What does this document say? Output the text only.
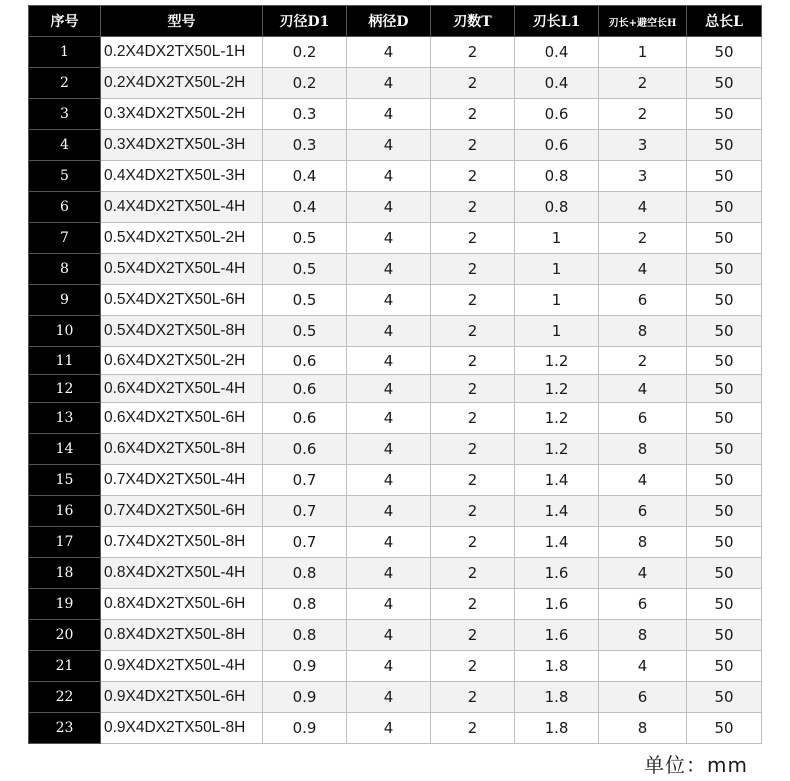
序号	型号	刃径D1	柄径D	刃数T	刃长L1	刃长+避空长H	总长L
1	0.2X4DX2TX50L-1H	0.2	4	2	0.4	1	50
2	0.2X4DX2TX50L-2H	0.2	4	2	0.4	2	50
3	0.3X4DX2TX50L-2H	0.3	4	2	0.6	2	50
4	0.3X4DX2TX50L-3H	0.3	4	2	0.6	3	50
5	0.4X4DX2TX50L-3H	0.4	4	2	0.8	3	50
6	0.4X4DX2TX50L-4H	0.4	4	2	0.8	4	50
7	0.5X4DX2TX50L-2H	0.5	4	2	1	2	50
8	0.5X4DX2TX50L-4H	0.5	4	2	1	4	50
9	0.5X4DX2TX50L-6H	0.5	4	2	1	6	50
10	0.5X4DX2TX50L-8H	0.5	4	2	1	8	50
11	0.6X4DX2TX50L-2H	0.6	4	2	1.2	2	50
12	0.6X4DX2TX50L-4H	0.6	4	2	1.2	4	50
13	0.6X4DX2TX50L-6H	0.6	4	2	1.2	6	50
14	0.6X4DX2TX50L-8H	0.6	4	2	1.2	8	50
15	0.7X4DX2TX50L-4H	0.7	4	2	1.4	4	50
16	0.7X4DX2TX50L-6H	0.7	4	2	1.4	6	50
17	0.7X4DX2TX50L-8H	0.7	4	2	1.4	8	50
18	0.8X4DX2TX50L-4H	0.8	4	2	1.6	4	50
19	0.8X4DX2TX50L-6H	0.8	4	2	1.6	6	50
20	0.8X4DX2TX50L-8H	0.8	4	2	1.6	8	50
21	0.9X4DX2TX50L-4H	0.9	4	2	1.8	4	50
22	0.9X4DX2TX50L-6H	0.9	4	2	1.8	6	50
23	0.9X4DX2TX50L-8H	0.9	4	2	1.8	8	50
单位：mm
